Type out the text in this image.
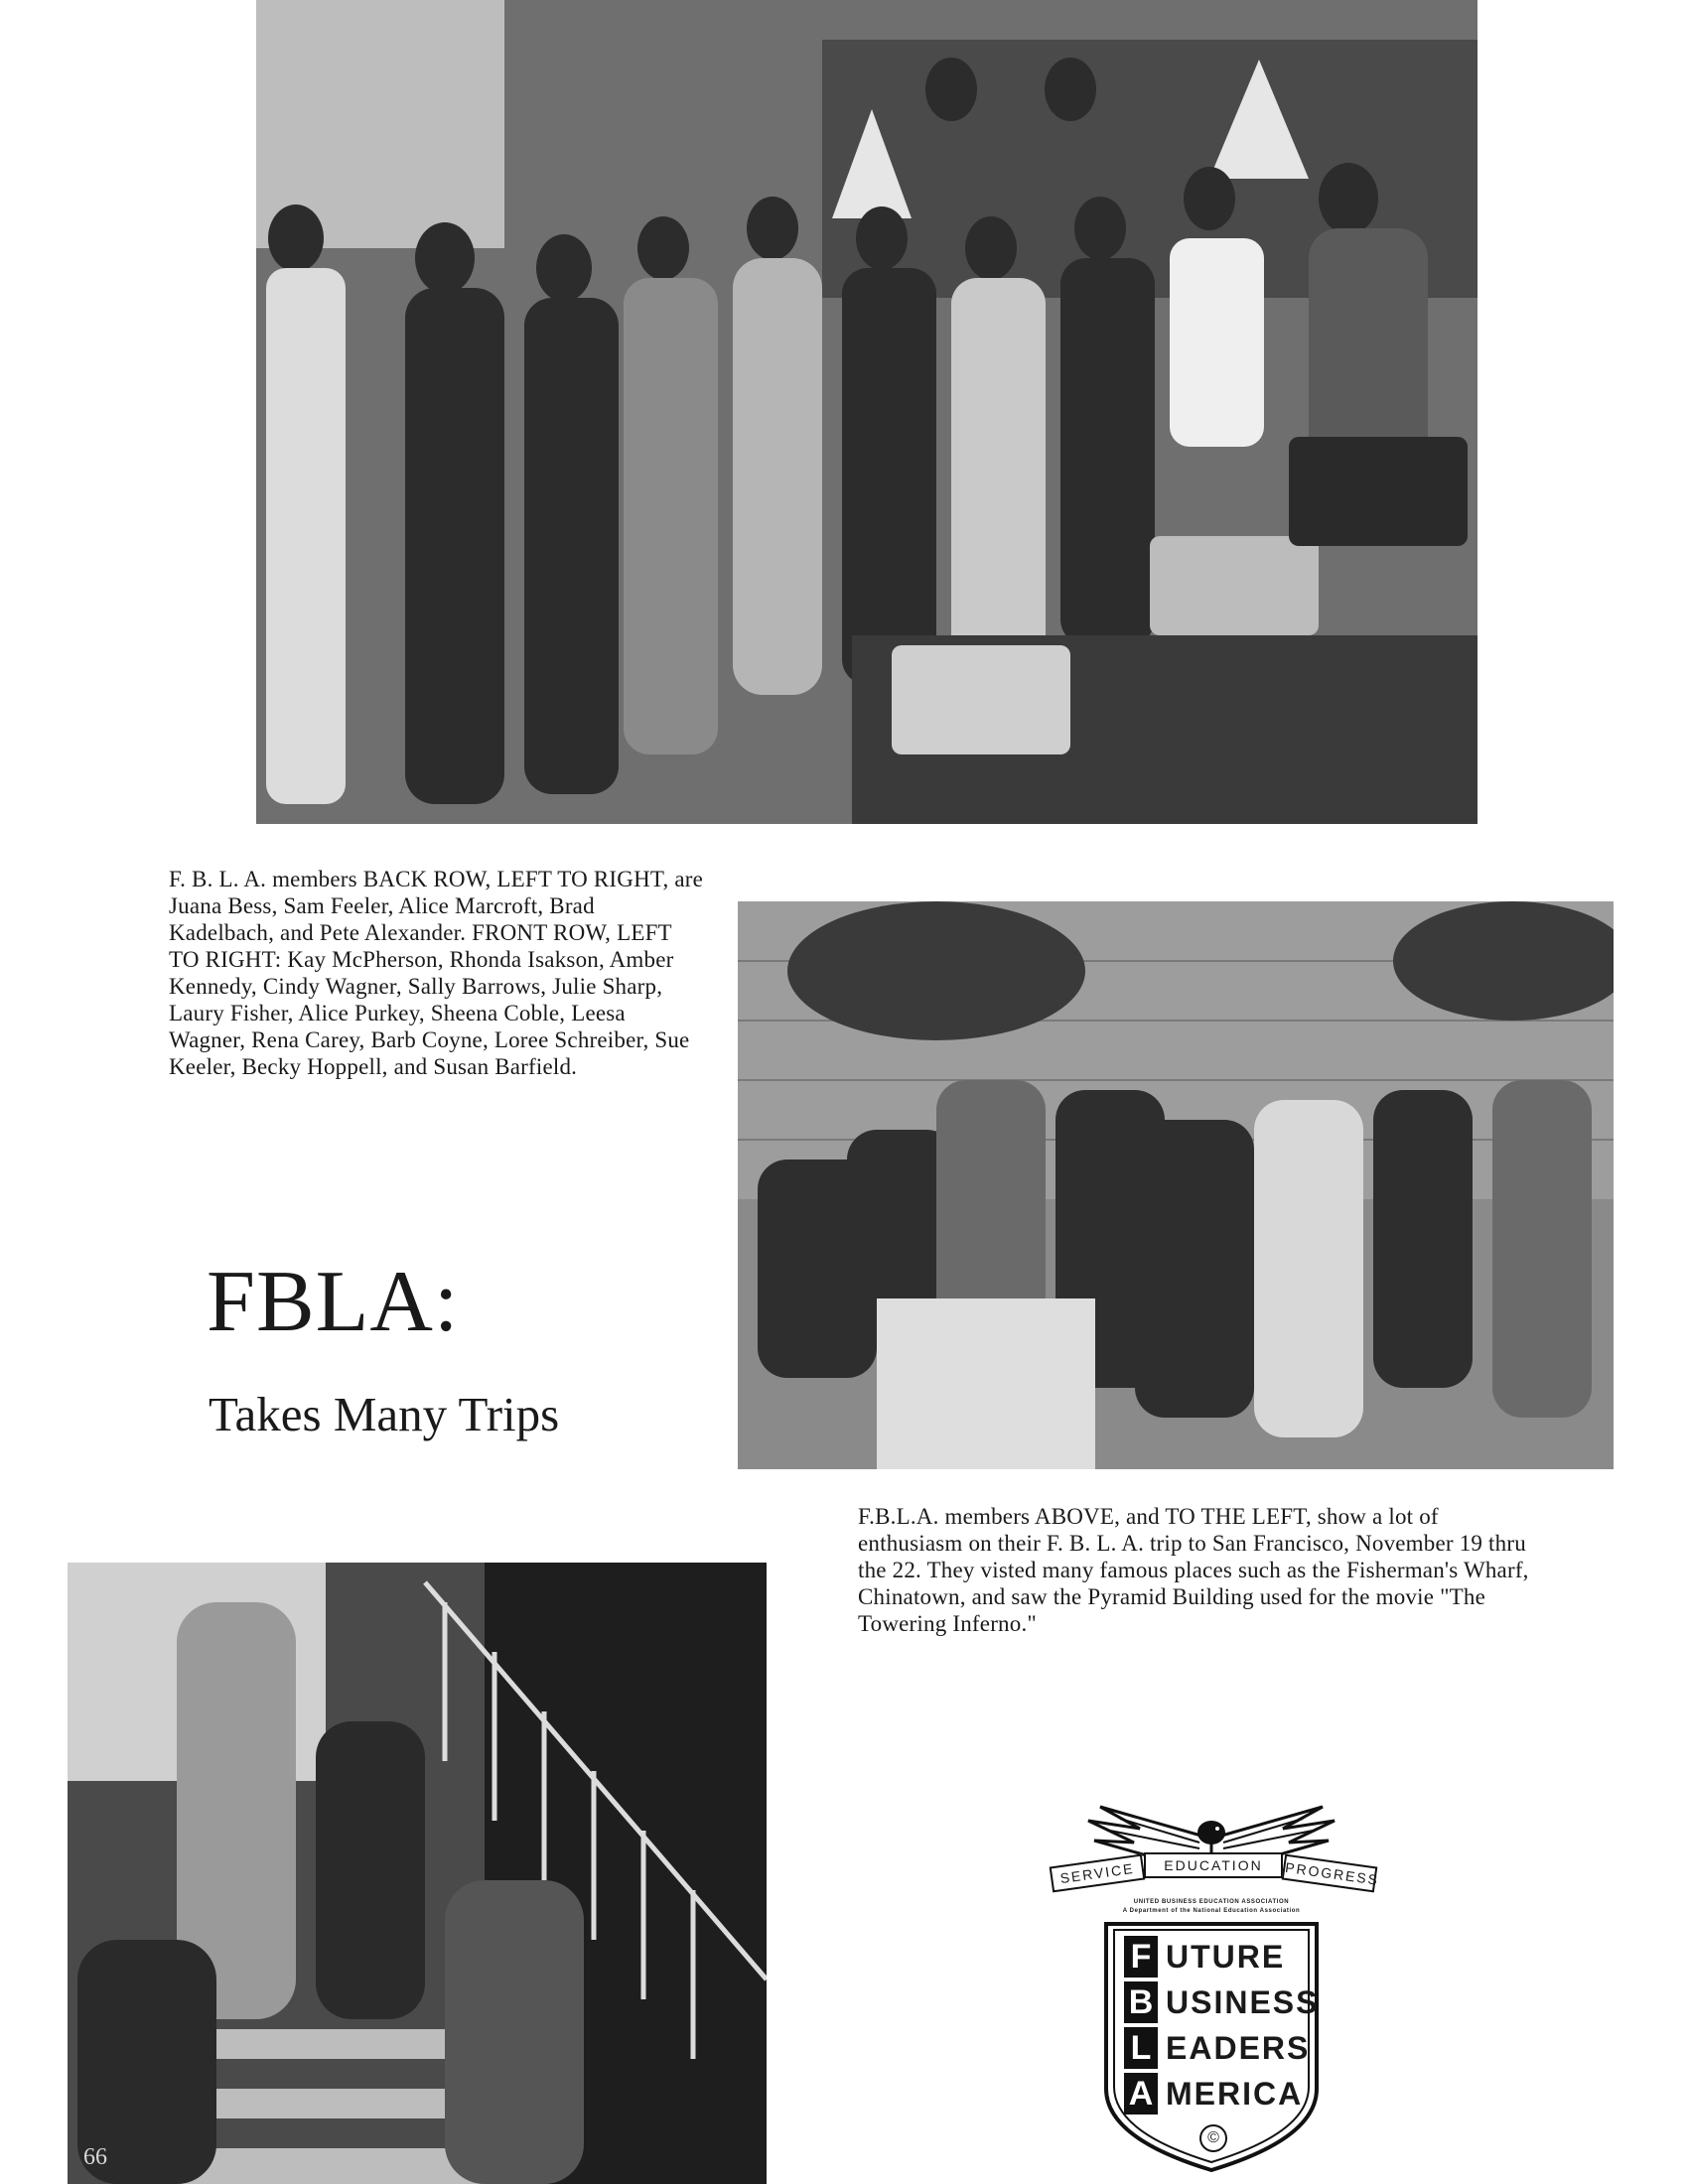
F. B. L. A. members BACK ROW, LEFT TO RIGHT, are Juana Bess, Sam Feeler, Alice Marcroft, Brad Kadelbach, and Pete Alexander. FRONT ROW, LEFT TO RIGHT: Kay McPherson, Rhonda Isakson, Amber Kennedy, Cindy Wagner, Sally Barrows, Julie Sharp, Laury Fisher, Alice Purkey, Sheena Coble, Leesa Wagner, Rena Carey, Barb Coyne, Loree Schreiber, Sue Keeler, Becky Hoppell, and Susan Barfield.

FBLA:
Takes Many Trips

F.B.L.A. members ABOVE, and TO THE LEFT, show a lot of enthusiasm on their F. B. L. A. trip to San Francisco, November 19 thru the 22. They visted many famous places such as the Fisherman's Wharf, Chinatown, and saw the Pyramid Building used for the movie "The Towering Inferno."

66
SERVICE	EDUCATION	PROGRESS
UNITED BUSINESS EDUCATION ASSOCIATION
A Department of the National Education Association
F UTURE
B USINESS
L EADERS
A MERICA
©
